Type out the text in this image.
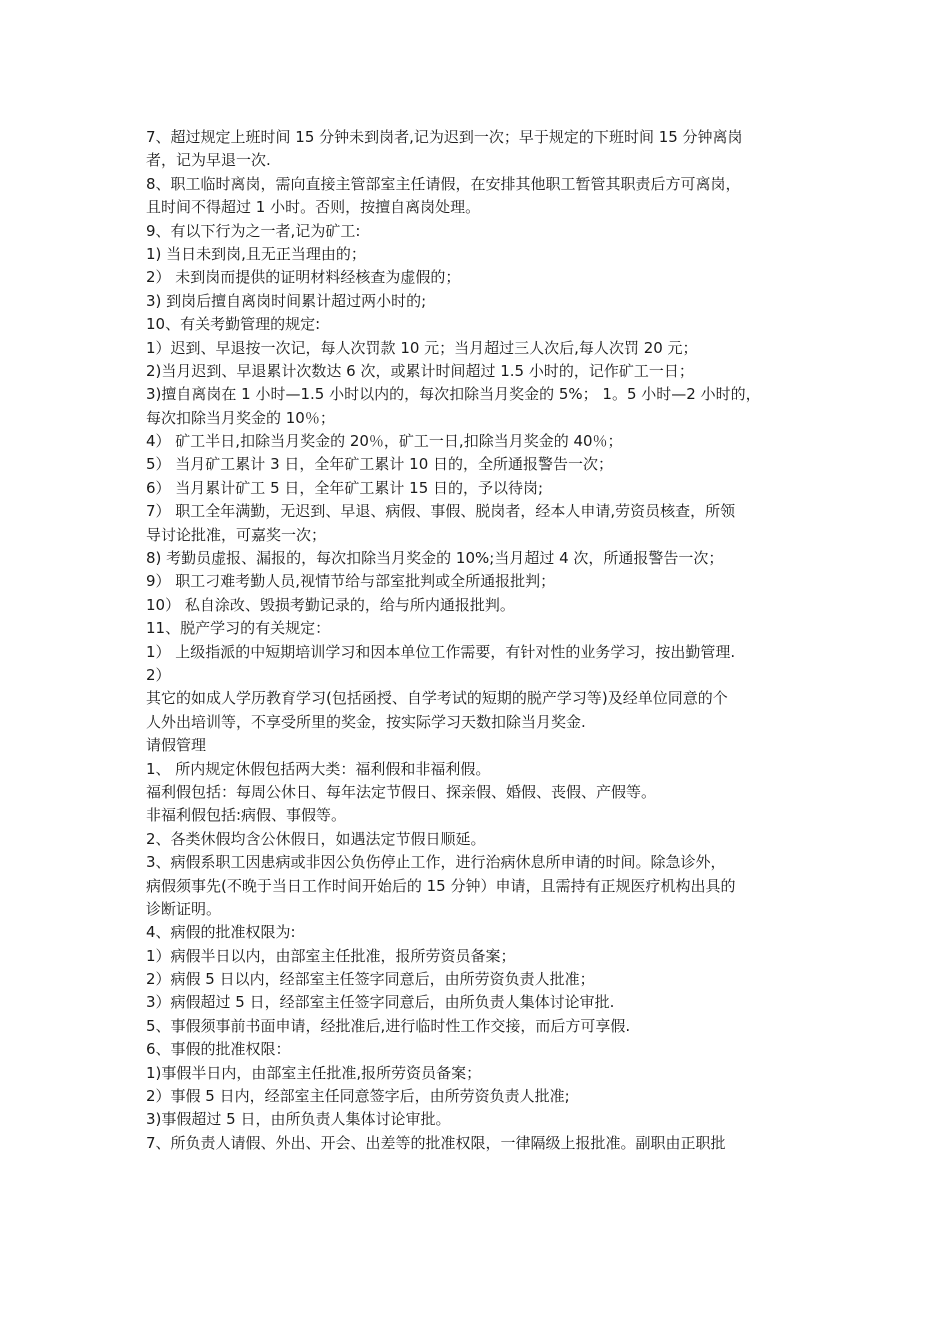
7、超过规定上班时间 15 分钟未到岗者,记为迟到一次；早于规定的下班时间 15 分钟离岗
者，记为早退一次.
8、职工临时离岗，需向直接主管部室主任请假，在安排其他职工暂管其职责后方可离岗，
且时间不得超过 1 小时。否则，按擅自离岗处理。
9、有以下行为之一者,记为矿工:
1) 当日未到岗,且无正当理由的；
2） 未到岗而提供的证明材料经核查为虚假的；
3) 到岗后擅自离岗时间累计超过两小时的;
10、有关考勤管理的规定:
1）迟到、早退按一次记，每人次罚款 10 元；当月超过三人次后,每人次罚 20 元；
2)当月迟到、早退累计次数达 6 次，或累计时间超过 1.5 小时的，记作矿工一日；
3)擅自离岗在 1 小时—1.5 小时以内的，每次扣除当月奖金的 5%； 1。5 小时—2 小时的，
每次扣除当月奖金的 10％；
4） 矿工半日,扣除当月奖金的 20％，矿工一日,扣除当月奖金的 40％；
5） 当月矿工累计 3 日，全年矿工累计 10 日的，全所通报警告一次；
6） 当月累计矿工 5 日，全年矿工累计 15 日的，予以待岗;
7） 职工全年满勤，无迟到、早退、病假、事假、脱岗者，经本人申请,劳资员核查，所领
导讨论批准，可嘉奖一次；
8) 考勤员虚报、漏报的，每次扣除当月奖金的 10%;当月超过 4 次，所通报警告一次；
9） 职工刁难考勤人员,视情节给与部室批判或全所通报批判；
10） 私自涂改、毁损考勤记录的，给与所内通报批判。
11、脱产学习的有关规定：
1） 上级指派的中短期培训学习和因本单位工作需要，有针对性的业务学习，按出勤管理.
2）
其它的如成人学历教育学习(包括函授、自学考试的短期的脱产学习等)及经单位同意的个
人外出培训等，不享受所里的奖金，按实际学习天数扣除当月奖金.
请假管理
1、 所内规定休假包括两大类：福利假和非福利假。
福利假包括：每周公休日、每年法定节假日、探亲假、婚假、丧假、产假等。
非福利假包括:病假、事假等。
2、各类休假均含公休假日，如遇法定节假日顺延。
3、病假系职工因患病或非因公负伤停止工作，进行治病休息所申请的时间。除急诊外，
病假须事先(不晚于当日工作时间开始后的 15 分钟）申请，且需持有正规医疗机构出具的
诊断证明。
4、病假的批准权限为:
1）病假半日以内，由部室主任批准，报所劳资员备案；
2）病假 5 日以内，经部室主任签字同意后，由所劳资负责人批准；
3）病假超过 5 日，经部室主任签字同意后，由所负责人集体讨论审批.
5、事假须事前书面申请，经批准后,进行临时性工作交接，而后方可享假.
6、事假的批准权限：
1)事假半日内，由部室主任批准,报所劳资员备案；
2）事假 5 日内，经部室主任同意签字后，由所劳资负责人批准;
3)事假超过 5 日，由所负责人集体讨论审批。
7、所负责人请假、外出、开会、出差等的批准权限，一律隔级上报批准。副职由正职批
